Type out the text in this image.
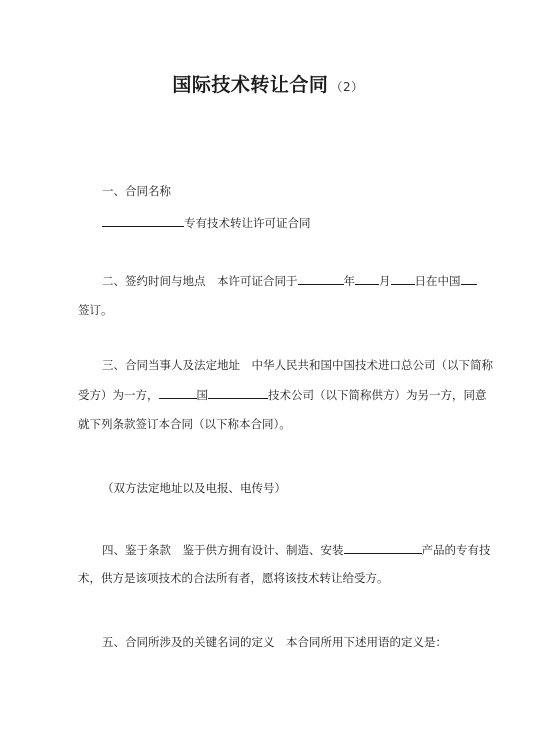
国际技术转让合同 （2）
一、合同名称
专有技术转让许可证合同
二、签约时间与地点　本许可证合同于	年 月 日在中国
签订。
三、合同当事人及法定地址　中华人民共和国中国技术进口总公司（以下简称
受方）为一方，	国	技术公司（以下简称供方）为另一方，同意
就下列条款签订本合同（以下称本合同）。
（双方法定地址以及电报、电传号）
四、鉴于条款　鉴于供方拥有设计、制造、安装	产品的专有技
术，供方是该项技术的合法所有者，愿将该技术转让给受方。
五、合同所涉及的关键名词的定义　本合同所用下述用语的定义是：
